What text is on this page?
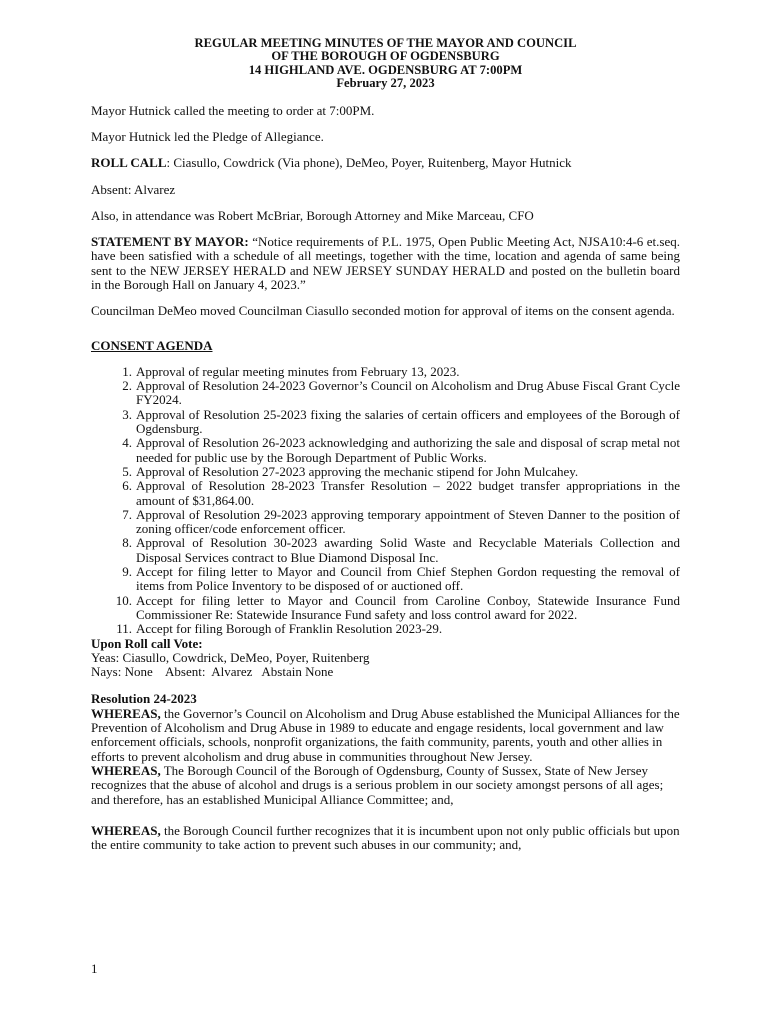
REGULAR MEETING MINUTES OF THE MAYOR AND COUNCIL
OF THE BOROUGH OF OGDENSBURG
14 HIGHLAND AVE. OGDENSBURG AT 7:00PM
February 27, 2023

Mayor Hutnick called the meeting to order at 7:00PM.

Mayor Hutnick led the Pledge of Allegiance.

ROLL CALL: Ciasullo, Cowdrick (Via phone), DeMeo, Poyer, Ruitenberg, Mayor Hutnick

Absent: Alvarez

Also, in attendance was Robert McBriar, Borough Attorney and Mike Marceau, CFO

STATEMENT BY MAYOR: “Notice requirements of P.L. 1975, Open Public Meeting Act, NJSA10:4-6 et.seq. have been satisfied with a schedule of all meetings, together with the time, location and agenda of same being sent to the NEW JERSEY HERALD and NEW JERSEY SUNDAY HERALD and posted on the bulletin board in the Borough Hall on January 4, 2023.”

Councilman DeMeo moved Councilman Ciasullo seconded motion for approval of items on the consent agenda.

CONSENT AGENDA

1. Approval of regular meeting minutes from February 13, 2023.
2. Approval of Resolution 24-2023 Governor’s Council on Alcoholism and Drug Abuse Fiscal Grant Cycle FY2024.
3. Approval of Resolution 25-2023 fixing the salaries of certain officers and employees of the Borough of Ogdensburg.
4. Approval of Resolution 26-2023 acknowledging and authorizing the sale and disposal of scrap metal not needed for public use by the Borough Department of Public Works.
5. Approval of Resolution 27-2023 approving the mechanic stipend for John Mulcahey.
6. Approval of Resolution 28-2023 Transfer Resolution – 2022 budget transfer appropriations in the amount of $31,864.00.
7. Approval of Resolution 29-2023 approving temporary appointment of Steven Danner to the position of zoning officer/code enforcement officer.
8. Approval of Resolution 30-2023 awarding Solid Waste and Recyclable Materials Collection and Disposal Services contract to Blue Diamond Disposal Inc.
9. Accept for filing letter to Mayor and Council from Chief Stephen Gordon requesting the removal of items from Police Inventory to be disposed of or auctioned off.
10. Accept for filing letter to Mayor and Council from Caroline Conboy, Statewide Insurance Fund Commissioner Re: Statewide Insurance Fund safety and loss control award for 2022.
11. Accept for filing Borough of Franklin Resolution 2023-29.
Upon Roll call Vote:
Yeas: Ciasullo, Cowdrick, DeMeo, Poyer, Ruitenberg
Nays: None    Absent:  Alvarez   Abstain None

Resolution 24-2023

WHEREAS, the Governor’s Council on Alcoholism and Drug Abuse established the Municipal Alliances for the Prevention of Alcoholism and Drug Abuse in 1989 to educate and engage residents, local government and law enforcement officials, schools, nonprofit organizations, the faith community, parents, youth and other allies in efforts to prevent alcoholism and drug abuse in communities throughout New Jersey.

WHEREAS, The Borough Council of the Borough of Ogdensburg, County of Sussex, State of New Jersey recognizes that the abuse of alcohol and drugs is a serious problem in our society amongst persons of all ages; and therefore, has an established Municipal Alliance Committee; and,

WHEREAS, the Borough Council further recognizes that it is incumbent upon not only public officials but upon the entire community to take action to prevent such abuses in our community; and,

1
